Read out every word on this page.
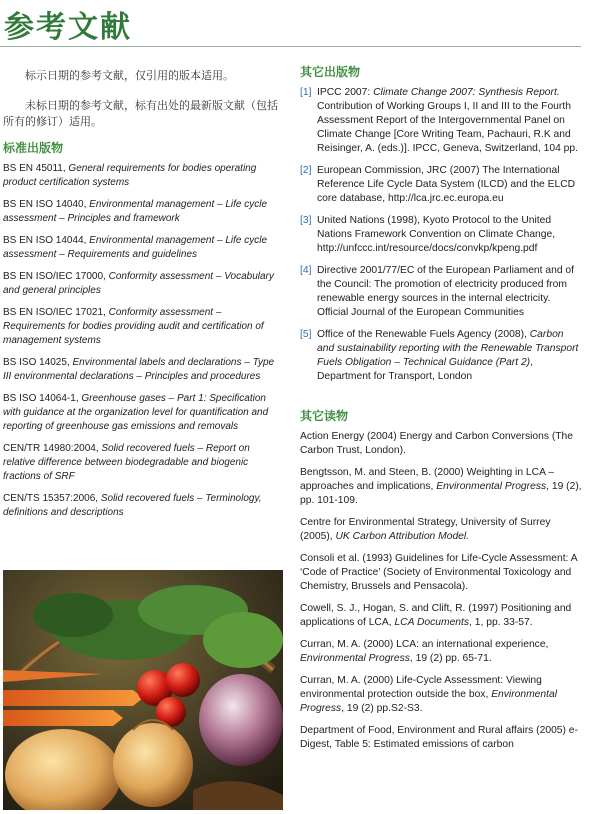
参考文献

标示日期的参考文献，仅引用的版本适用。

未标日期的参考文献，标有出处的最新版文献（包括所有的修订）适用。

标准出版物
BS EN 45011, General requirements for bodies operating product certification systems
BS EN ISO 14040, Environmental management – Life cycle assessment – Principles and framework
BS EN ISO 14044, Environmental management – Life cycle assessment – Requirements and guidelines
BS EN ISO/IEC 17000, Conformity assessment – Vocabulary and general principles
BS EN ISO/IEC 17021, Conformity assessment – Requirements for bodies providing audit and certification of management systems
BS ISO 14025, Environmental labels and declarations – Type III environmental declarations – Principles and procedures
BS ISO 14064-1, Greenhouse gases – Part 1: Specification with guidance at the organization level for quantification and reporting of greenhouse gas emissions and removals
CEN/TR 14980:2004, Solid recovered fuels – Report on relative difference between biodegradable and biogenic fractions of SRF
CEN/TS 15357:2006, Solid recovered fuels – Terminology, definitions and descriptions
其它出版物
[1] IPCC 2007: Climate Change 2007: Synthesis Report. Contribution of Working Groups I, II and III to the Fourth Assessment Report of the Intergovernmental Panel on Climate Change [Core Writing Team, Pachauri, R.K and Reisinger, A. (eds.)]. IPCC, Geneva, Switzerland, 104 pp.
[2] European Commission, JRC (2007) The International Reference Life Cycle Data System (ILCD) and the ELCD core database, http://lca.jrc.ec.europa.eu
[3] United Nations (1998), Kyoto Protocol to the United Nations Framework Convention on Climate Change, http://unfccc.int/resource/docs/convkp/kpeng.pdf
[4] Directive 2001/77/EC of the European Parliament and of the Council: The promotion of electricity produced from renewable energy sources in the internal electricity. Official Journal of the European Communities
[5] Office of the Renewable Fuels Agency (2008), Carbon and sustainability reporting with the Renewable Transport Fuels Obligation – Technical Guidance (Part 2), Department for Transport, London
其它读物
Action Energy (2004) Energy and Carbon Conversions (The Carbon Trust, London).
Bengtsson, M. and Steen, B. (2000) Weighting in LCA – approaches and implications, Environmental Progress, 19 (2), pp. 101-109.
Centre for Environmental Strategy, University of Surrey (2005), UK Carbon Attribution Model.
Consoli et al. (1993) Guidelines for Life-Cycle Assessment: A ‘Code of Practice’ (Society of Environmental Toxicology and Chemistry, Brussels and Pensacola).
Cowell, S. J., Hogan, S. and Clift, R. (1997) Positioning and applications of LCA, LCA Documents, 1, pp. 33-57.
Curran, M. A. (2000) LCA: an international experience, Environmental Progress, 19 (2) pp. 65-71.
Curran, M. A. (2000) Life-Cycle Assessment: Viewing environmental protection outside the box, Environmental Progress, 19 (2) pp.S2-S3.
Department of Food, Environment and Rural affairs (2005) e-Digest, Table 5: Estimated emissions of carbon
